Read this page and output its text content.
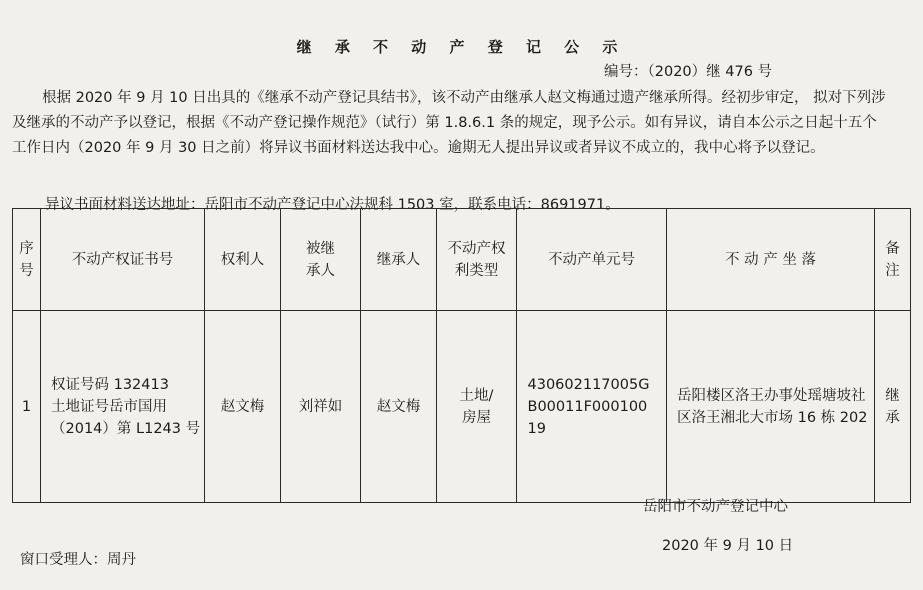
继 承 不 动 产 登 记 公 示
编号：（2020）继 476 号
根据 2020 年 9 月 10 日出具的《继承不动产登记具结书》，该不动产由继承人赵文梅通过遗产继承所得。经初步审定， 拟对下列涉及继承的不动产予以登记，根据《不动产登记操作规范》（试行）第 1.8.6.1 条的规定，现予公示。如有异议，请自本公示之日起十五个工作日内（2020 年 9 月 30 日之前）将异议书面材料送达我中心。逾期无人提出异议或者异议不成立的，我中心将予以登记。
异议书面材料送达地址：岳阳市不动产登记中心法规科 1503 室，联系电话：8691971。
序号	不动产权证书号	权利人	被继承人	继承人	不动产权利类型	不动产单元号	不 动 产 坐 落	备注
1	权证号码 132413
土地证号岳市国用（2014）第 L1243 号	赵文梅	刘祥如	赵文梅	土地/房屋	430602117005GB00011F00010019	岳阳楼区洛王办事处瑶塘坡社区洛王湘北大市场 16 栋 202	继承
岳阳市不动产登记中心
2020 年 9 月 10 日
窗口受理人：周丹
